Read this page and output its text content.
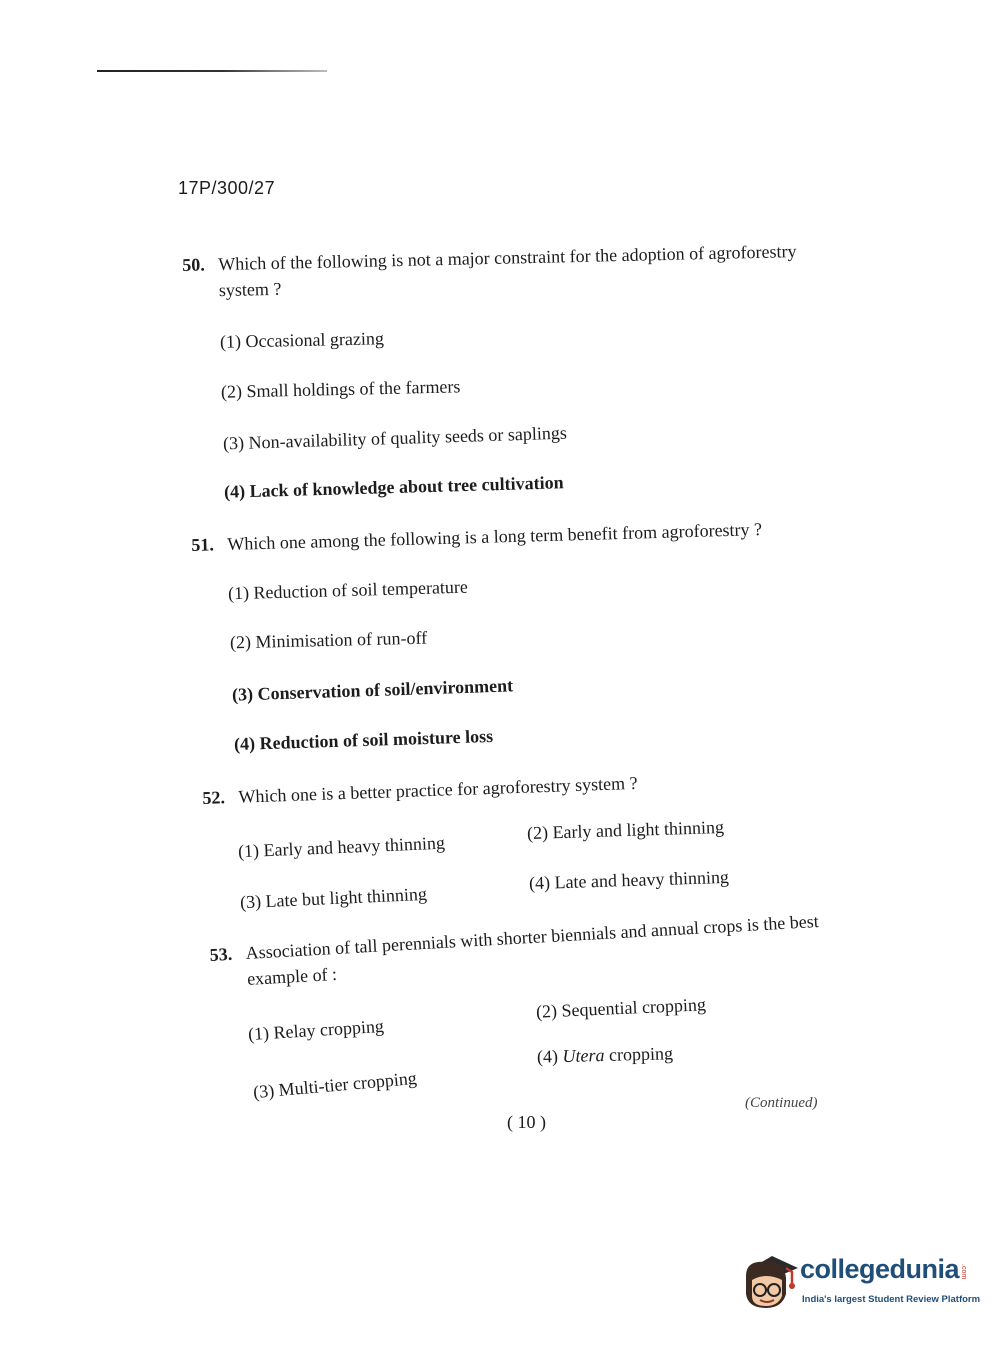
17P/300/27
50. Which of the following is not a major constraint for the adoption of agroforestry system ?
(1) Occasional grazing
(2) Small holdings of the farmers
(3) Non-availability of quality seeds or saplings
(4) Lack of knowledge about tree cultivation
51. Which one among the following is a long term benefit from agroforestry ?
(1) Reduction of soil temperature
(2) Minimisation of run-off
(3) Conservation of soil/environment
(4) Reduction of soil moisture loss
52. Which one is a better practice for agroforestry system ?
(1) Early and heavy thinning
(2) Early and light thinning
(3) Late but light thinning
(4) Late and heavy thinning
53. Association of tall perennials with shorter biennials and annual crops is the best example of :
(1) Relay cropping
(2) Sequential cropping
(3) Multi-tier cropping
(4) Utera cropping
(Continued)
( 10 )
collegedunia .com
India's largest Student Review Platform
